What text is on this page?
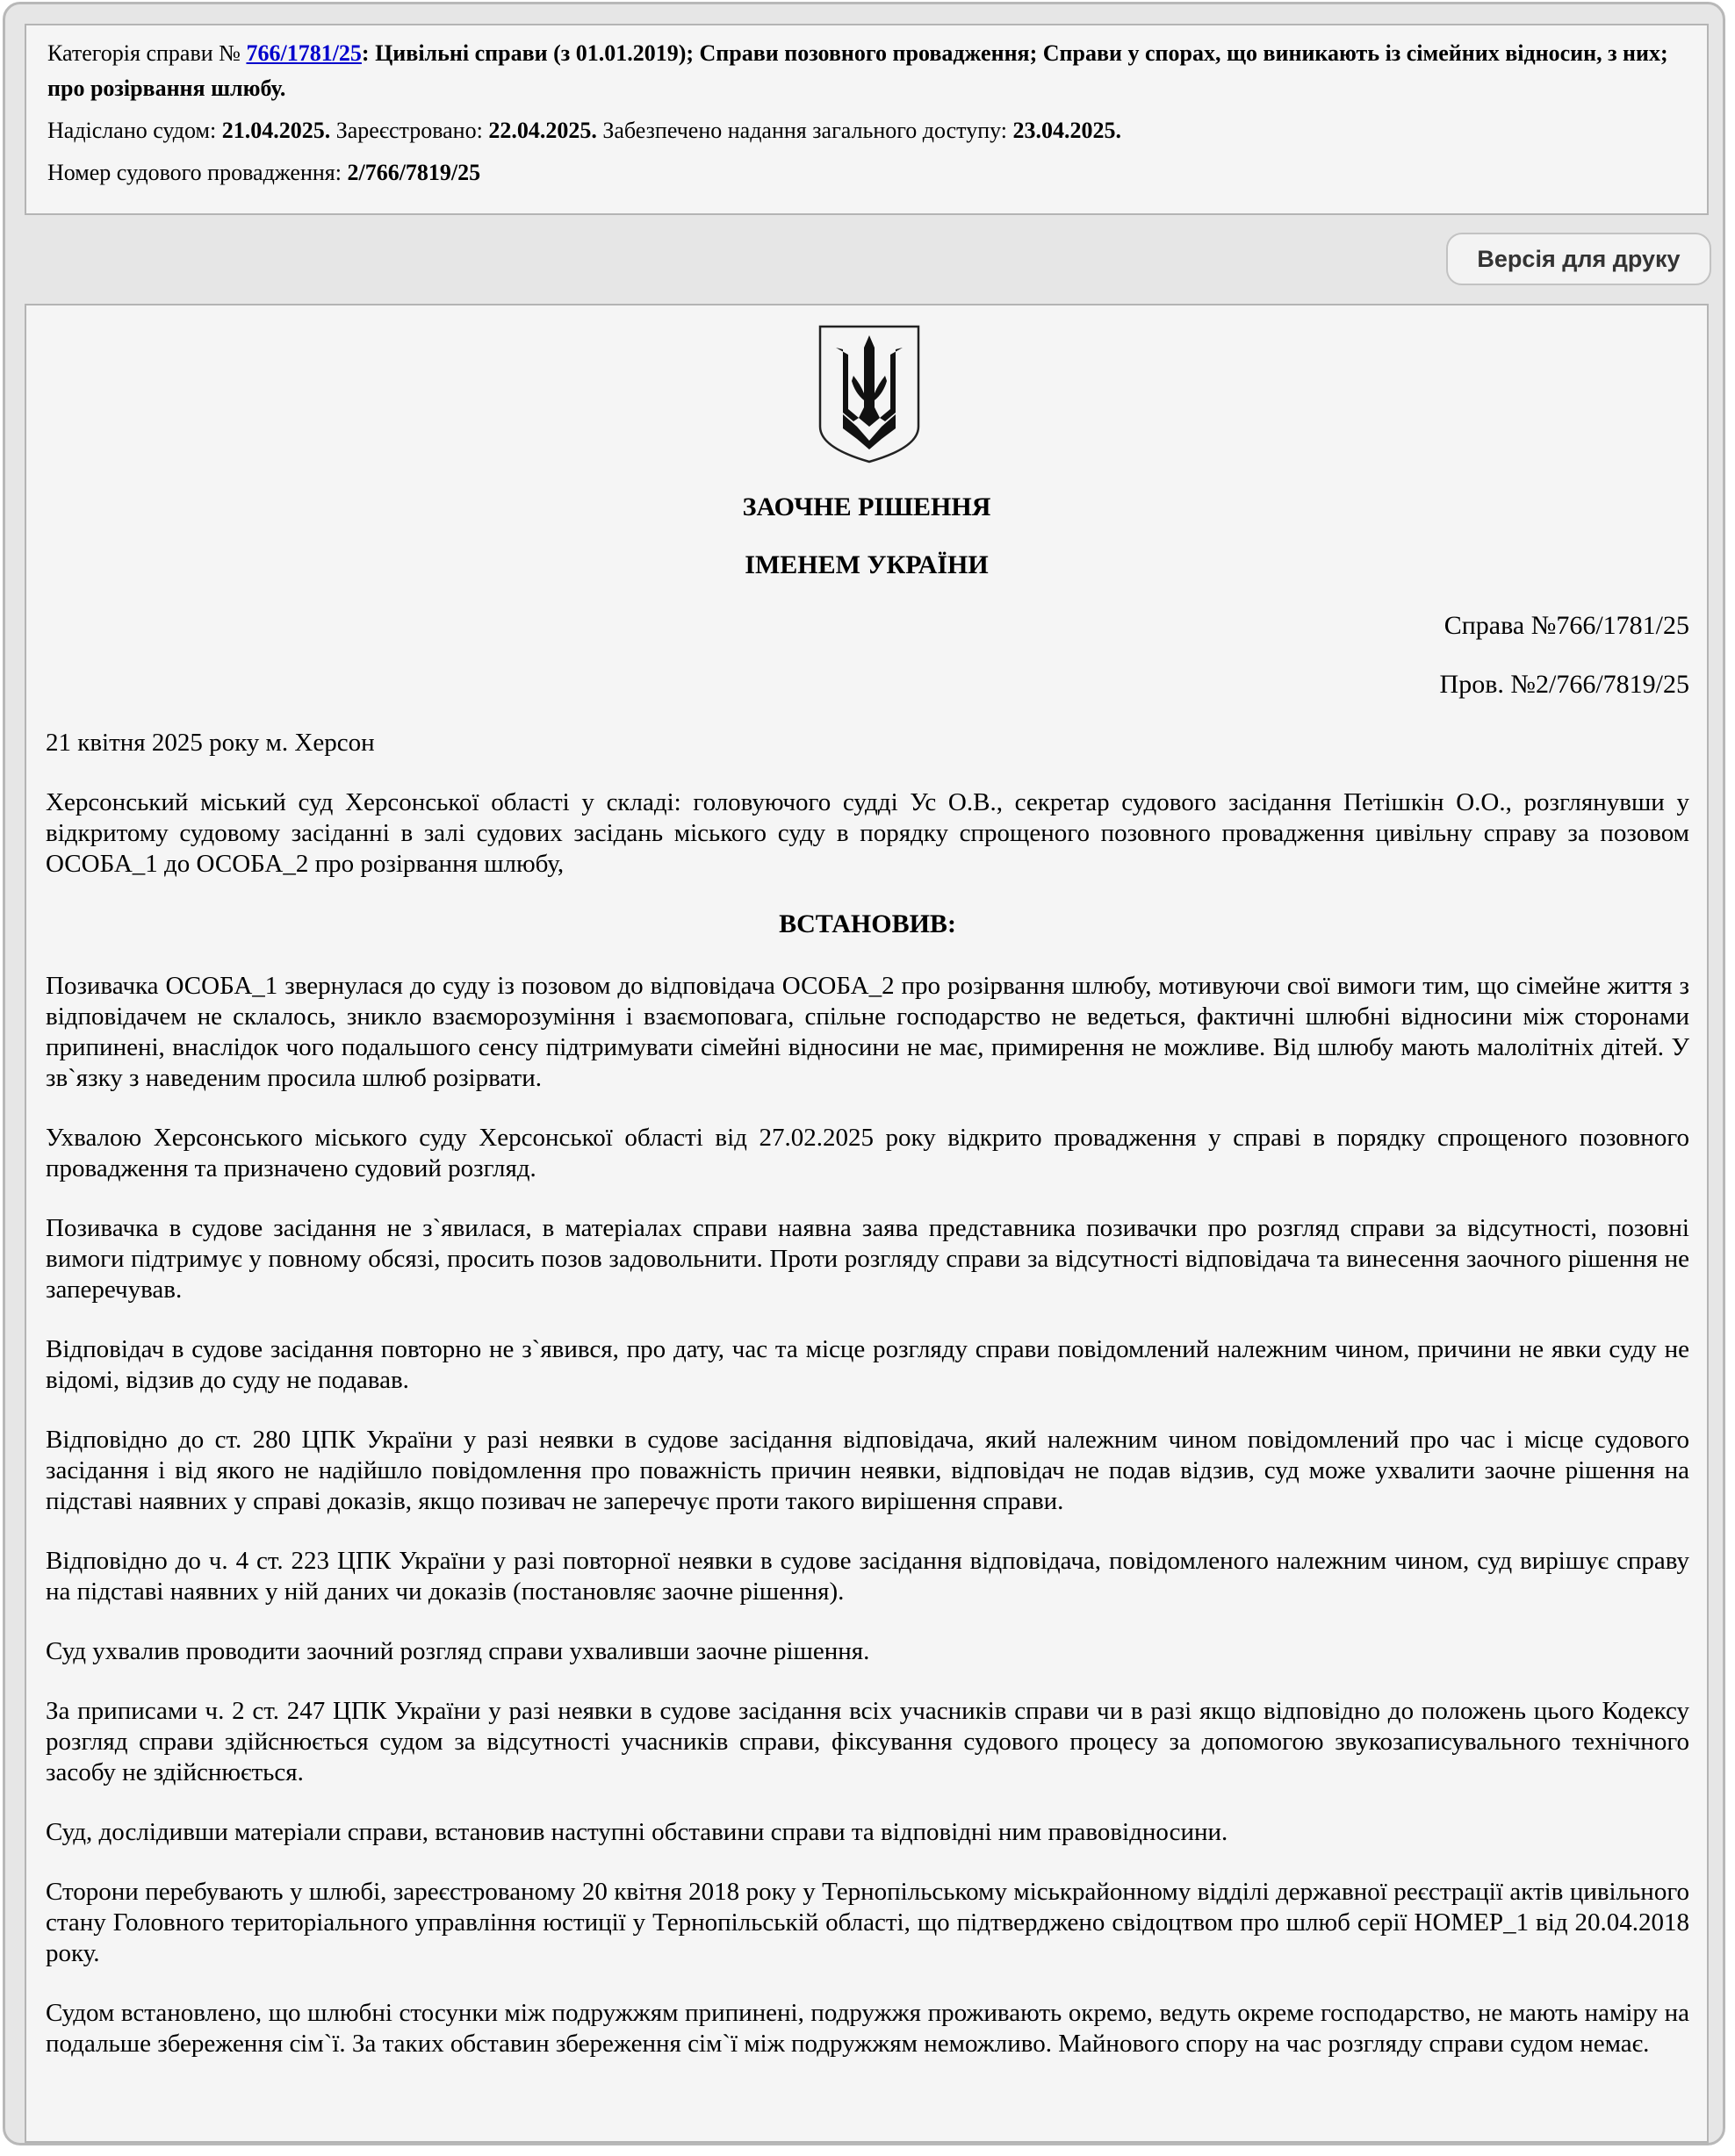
Категорія справи № 766/1781/25: Цивільні справи (з 01.01.2019); Справи позовного провадження; Справи у спорах, що виникають із сімейних відносин, з них; про розірвання шлюбу.

Надіслано судом: 21.04.2025. Зареєстровано: 22.04.2025. Забезпечено надання загального доступу: 23.04.2025.

Номер судового провадження: 2/766/7819/25

Версія для друку
ЗАОЧНЕ РІШЕННЯ
ІМЕНЕМ УКРАЇНИ
Справа №766/1781/25
Пров. №2/766/7819/25

21 квітня 2025 року м. Херсон

Херсонський міський суд Херсонської області у складі: головуючого судді Ус О.В., секретар судового засідання Петішкін О.О., розглянувши у відкритому судовому засіданні в залі судових засідань міського суду в порядку спрощеного позовного провадження цивільну справу за позовом ОСОБА_1 до ОСОБА_2 про розірвання шлюбу,

ВСТАНОВИВ:

Позивачка ОСОБА_1 звернулася до суду із позовом до відповідача ОСОБА_2 про розірвання шлюбу, мотивуючи свої вимоги тим, що сімейне життя з відповідачем не склалось, зникло взаєморозуміння і взаємоповага, спільне господарство не ведеться, фактичні шлюбні відносини між сторонами припинені, внаслідок чого подальшого сенсу підтримувати сімейні відносини не має, примирення не можливе. Від шлюбу мають малолітніх дітей. У зв`язку з наведеним просила шлюб розірвати.

Ухвалою Херсонського міського суду Херсонської області від 27.02.2025 року відкрито провадження у справі в порядку спрощеного позовного провадження та призначено судовий розгляд.

Позивачка в судове засідання не з`явилася, в матеріалах справи наявна заява представника позивачки про розгляд справи за відсутності, позовні вимоги підтримує у повному обсязі, просить позов задовольнити. Проти розгляду справи за відсутності відповідача та винесення заочного рішення не заперечував.

Відповідач в судове засідання повторно не з`явився, про дату, час та місце розгляду справи повідомлений належним чином, причини не явки суду не відомі, відзив до суду не подавав.

Відповідно до ст. 280 ЦПК України у разі неявки в судове засідання відповідача, який належним чином повідомлений про час і місце судового засідання і від якого не надійшло повідомлення про поважність причин неявки, відповідач не подав відзив, суд може ухвалити заочне рішення на підставі наявних у справі доказів, якщо позивач не заперечує проти такого вирішення справи.

Відповідно до ч. 4 ст. 223 ЦПК України у разі повторної неявки в судове засідання відповідача, повідомленого належним чином, суд вирішує справу на підставі наявних у ній даних чи доказів (постановляє заочне рішення).

Суд ухвалив проводити заочний розгляд справи ухваливши заочне рішення.

За приписами ч. 2 ст. 247 ЦПК України у разі неявки в судове засідання всіх учасників справи чи в разі якщо відповідно до положень цього Кодексу розгляд справи здійснюється судом за відсутності учасників справи, фіксування судового процесу за допомогою звукозаписувального технічного засобу не здійснюється.

Суд, дослідивши матеріали справи, встановив наступні обставини справи та відповідні ним правовідносини.

Сторони перебувають у шлюбі, зареєстрованому 20 квітня 2018 року у Тернопільському міськрайонному відділі державної реєстрації актів цивільного стану Головного територіального управління юстиції у Тернопільській області, що підтверджено свідоцтвом про шлюб серії НОМЕР_1 від 20.04.2018 року.

Судом встановлено, що шлюбні стосунки між подружжям припинені, подружжя проживають окремо, ведуть окреме господарство, не мають наміру на подальше збереження сім`ї. За таких обставин збереження сім`ї між подружжям неможливо. Майнового спору на час розгляду справи судом немає.
